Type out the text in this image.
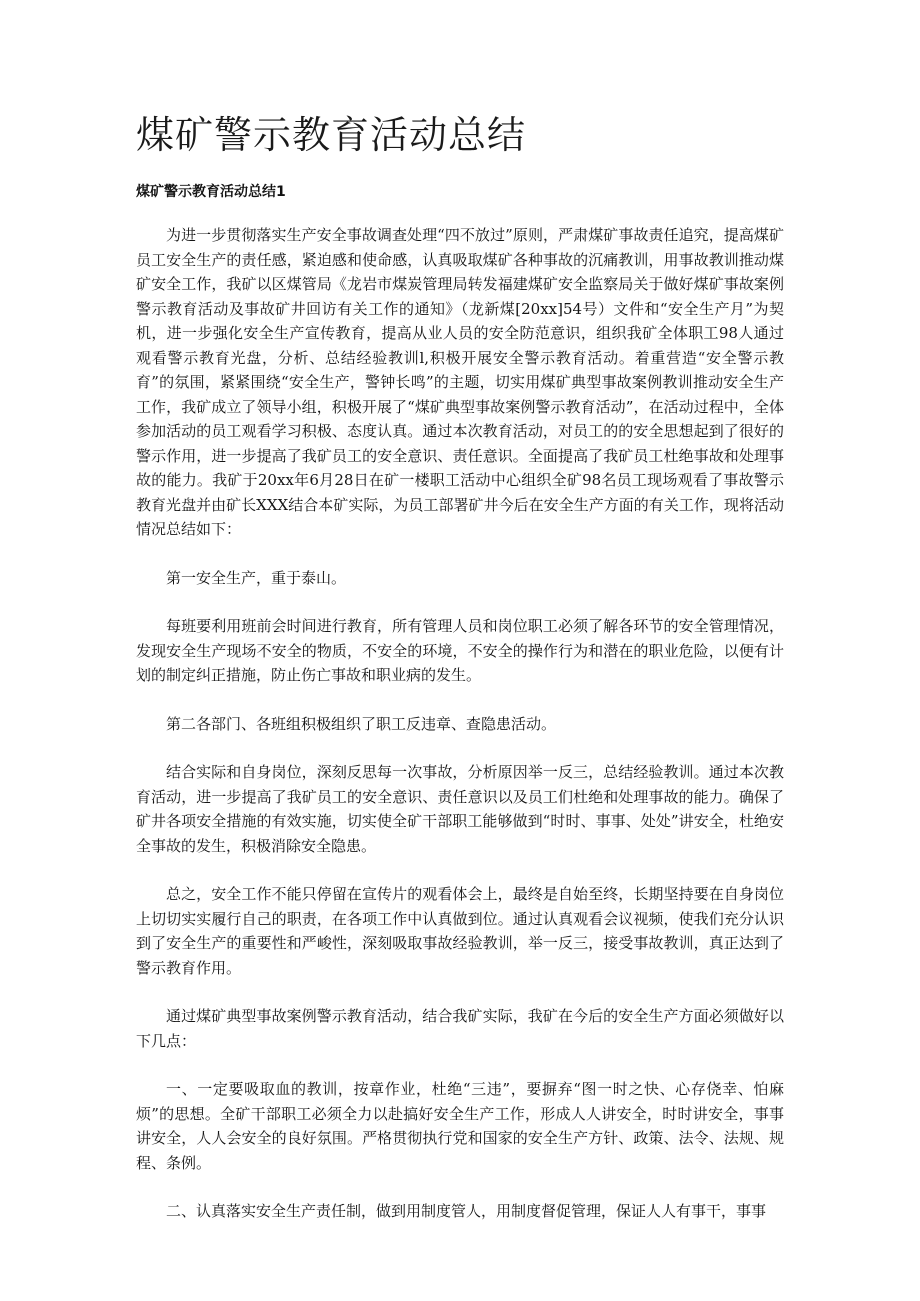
煤矿警示教育活动总结
煤矿警示教育活动总结1

为进一步贯彻落实生产安全事故调查处理“四不放过”原则，严肃煤矿事故责任追究，提高煤矿员工安全生产的责任感，紧迫感和使命感，认真吸取煤矿各种事故的沉痛教训，用事故教训推动煤矿安全工作，我矿以区煤管局《龙岩市煤炭管理局转发福建煤矿安全监察局关于做好煤矿事故案例警示教育活动及事故矿井回访有关工作的通知》（龙新煤[20xx]54号）文件和“安全生产月”为契机，进一步强化安全生产宣传教育，提高从业人员的安全防范意识，组织我矿全体职工98人通过观看警示教育光盘，分析、总结经验教训l,积极开展安全警示教育活动。着重营造“安全警示教育”的氛围，紧紧围绕“安全生产，警钟长鸣”的主题，切实用煤矿典型事故案例教训推动安全生产工作，我矿成立了领导小组，积极开展了“煤矿典型事故案例警示教育活动”，在活动过程中，全体参加活动的员工观看学习积极、态度认真。通过本次教育活动，对员工的的安全思想起到了很好的警示作用，进一步提高了我矿员工的安全意识、责任意识。全面提高了我矿员工杜绝事故和处理事故的能力。我矿于20xx年6月28日在矿一楼职工活动中心组织全矿98名员工现场观看了事故警示教育光盘并由矿长XXX结合本矿实际，为员工部署矿井今后在安全生产方面的有关工作，现将活动情况总结如下：

第一安全生产，重于泰山。

每班要利用班前会时间进行教育，所有管理人员和岗位职工必须了解各环节的安全管理情况，发现安全生产现场不安全的物质，不安全的环境，不安全的操作行为和潜在的职业危险，以便有计划的制定纠正措施，防止伤亡事故和职业病的发生。

第二各部门、各班组积极组织了职工反违章、查隐患活动。

结合实际和自身岗位，深刻反思每一次事故，分析原因举一反三，总结经验教训。通过本次教育活动，进一步提高了我矿员工的安全意识、责任意识以及员工们杜绝和处理事故的能力。确保了矿井各项安全措施的有效实施，切实使全矿干部职工能够做到“时时、事事、处处”讲安全，杜绝安全事故的发生，积极消除安全隐患。

总之，安全工作不能只停留在宣传片的观看体会上，最终是自始至终，长期坚持要在自身岗位上切切实实履行自己的职责，在各项工作中认真做到位。通过认真观看会议视频，使我们充分认识到了安全生产的重要性和严峻性，深刻吸取事故经验教训，举一反三，接受事故教训，真正达到了警示教育作用。

通过煤矿典型事故案例警示教育活动，结合我矿实际，我矿在今后的安全生产方面必须做好以下几点：

一、一定要吸取血的教训，按章作业，杜绝“三违”，要摒弃“图一时之快、心存侥幸、怕麻烦”的思想。全矿干部职工必须全力以赴搞好安全生产工作，形成人人讲安全，时时讲安全，事事讲安全，人人会安全的良好氛围。严格贯彻执行党和国家的安全生产方针、政策、法令、法规、规程、条例。

二、认真落实安全生产责任制，做到用制度管人，用制度督促管理，保证人人有事干，事事
